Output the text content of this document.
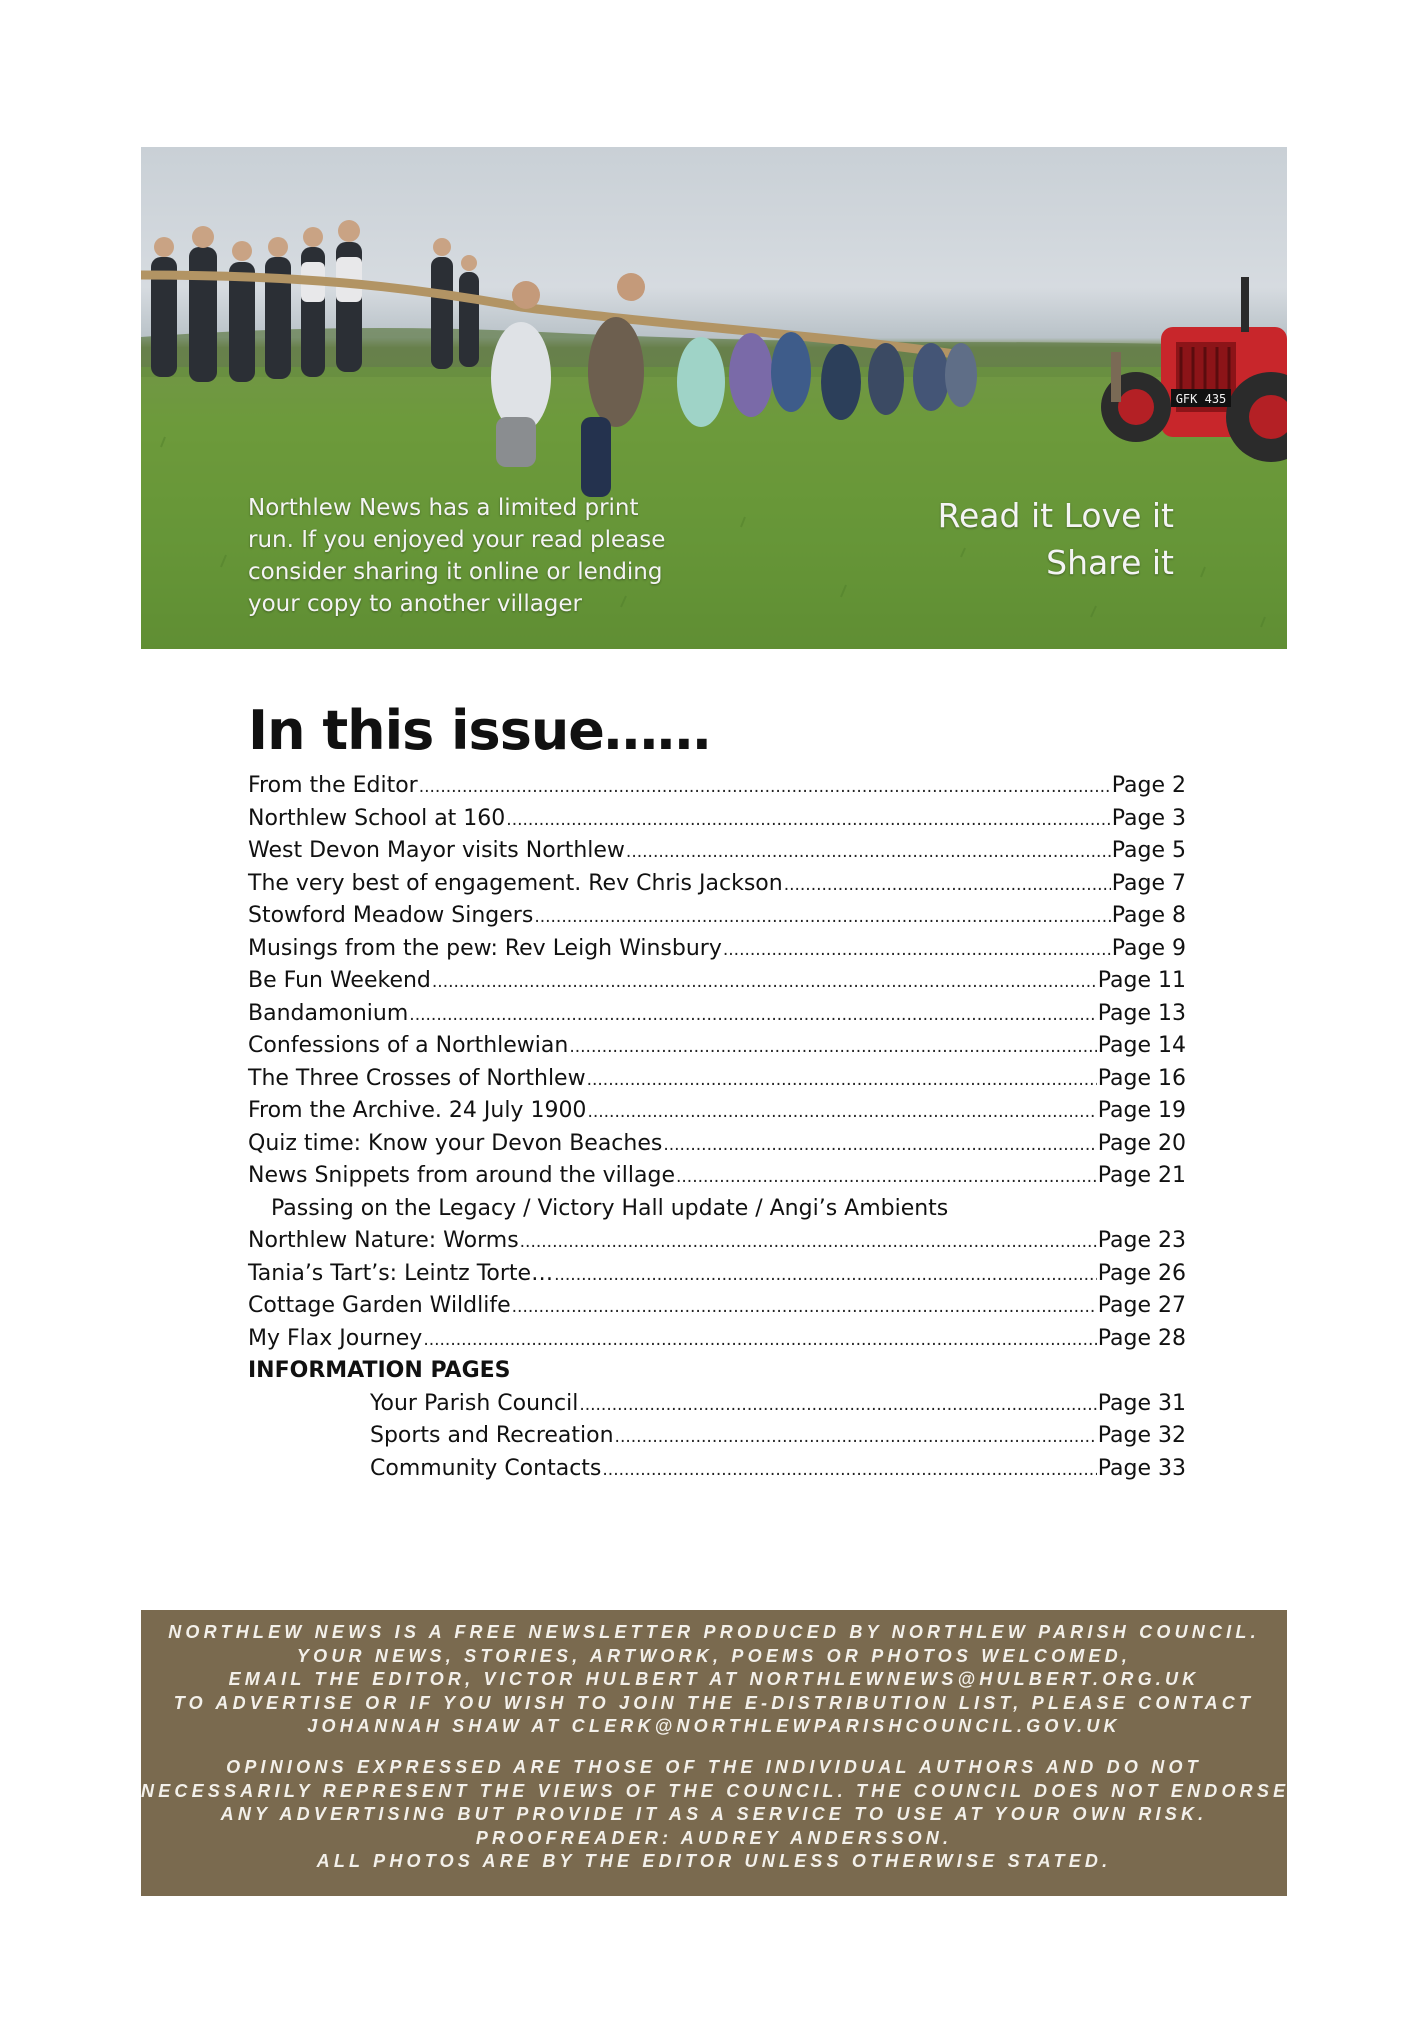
GFK 435
Northlew News has a limited print run. If you enjoyed your read please consider sharing it online or lending your copy to another villager
Read it Love it
Share it
In this issue……
From the Editor .....	Page 2
Northlew School at 160 .....	Page 3
West Devon Mayor visits Northlew .....	Page 5
The very best of engagement. Rev Chris Jackson .....	Page 7
Stowford Meadow Singers .....	Page 8
Musings from the pew: Rev Leigh Winsbury .....	Page 9
Be Fun Weekend .....	Page 11
Bandamonium .....	Page 13
Confessions of a Northlewian .....	Page 14
The Three Crosses of Northlew .....	Page 16
From the Archive. 24 July 1900 .....	Page 19
Quiz time: Know your Devon Beaches .....	Page 20
News Snippets from around the village .....	Page 21
Passing on the Legacy / Victory Hall update / Angi’s Ambients
Northlew Nature: Worms .....	Page 23
Tania’s Tart’s: Leintz Torte… .....	Page 26
Cottage Garden Wildlife .....	Page 27
My Flax Journey .....	Page 28
INFORMATION PAGES
Your Parish Council .....	Page 31
Sports and Recreation .....	Page 32
Community Contacts .....	Page 33
NORTHLEW NEWS IS A FREE NEWSLETTER PRODUCED BY NORTHLEW PARISH COUNCIL.
YOUR NEWS, STORIES, ARTWORK, POEMS OR PHOTOS WELCOMED,
EMAIL THE EDITOR, VICTOR HULBERT AT NORTHLEWNEWS@HULBERT.ORG.UK
TO ADVERTISE OR IF YOU WISH TO JOIN THE E-DISTRIBUTION LIST, PLEASE CONTACT
JOHANNAH SHAW AT CLERK@NORTHLEWPARISHCOUNCIL.GOV.UK
OPINIONS EXPRESSED ARE THOSE OF THE INDIVIDUAL AUTHORS AND DO NOT
NECESSARILY REPRESENT THE VIEWS OF THE COUNCIL. THE COUNCIL DOES NOT ENDORSE
ANY ADVERTISING BUT PROVIDE IT AS A SERVICE TO USE AT YOUR OWN RISK.
PROOFREADER: AUDREY ANDERSSON.
ALL PHOTOS ARE BY THE EDITOR UNLESS OTHERWISE STATED.
